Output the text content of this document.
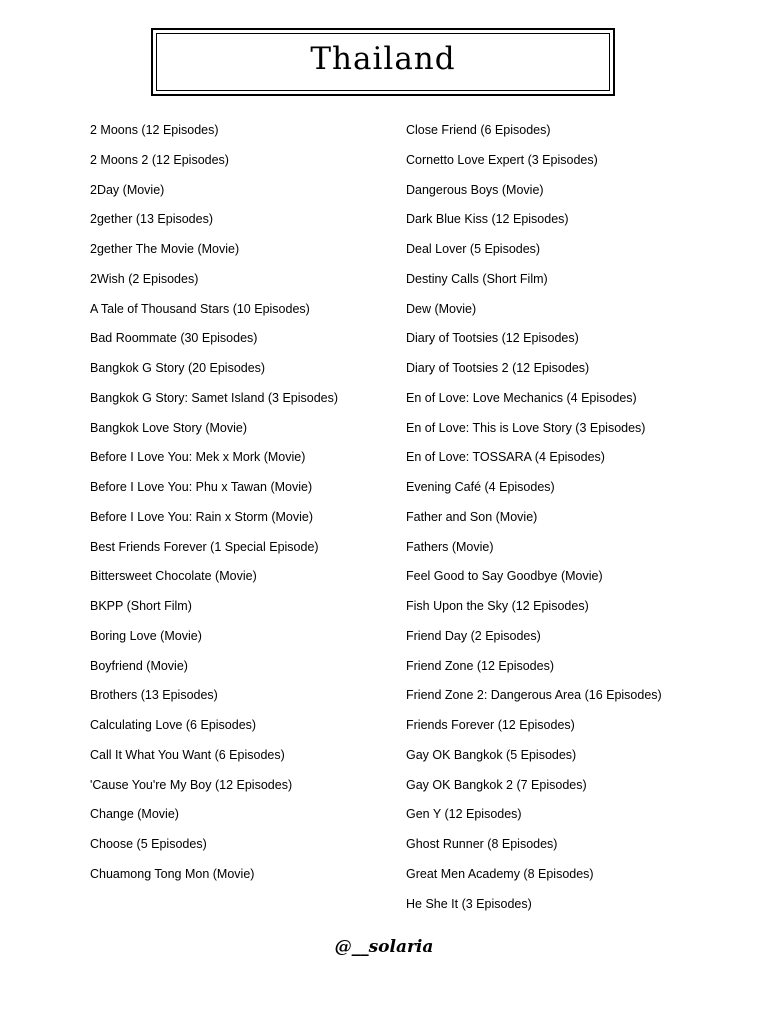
Thailand
2 Moons (12 Episodes)
2 Moons 2 (12 Episodes)
2Day (Movie)
2gether (13 Episodes)
2gether The Movie (Movie)
2Wish (2 Episodes)
A Tale of Thousand Stars (10 Episodes)
Bad Roommate (30 Episodes)
Bangkok G Story (20 Episodes)
Bangkok G Story: Samet Island (3 Episodes)
Bangkok Love Story (Movie)
Before I Love You: Mek x Mork (Movie)
Before I Love You: Phu x Tawan (Movie)
Before I Love You: Rain x Storm (Movie)
Best Friends Forever (1 Special Episode)
Bittersweet Chocolate (Movie)
BKPP (Short Film)
Boring Love (Movie)
Boyfriend (Movie)
Brothers (13 Episodes)
Calculating Love (6 Episodes)
Call It What You Want (6 Episodes)
'Cause You're My Boy (12 Episodes)
Change (Movie)
Choose (5 Episodes)
Chuamong Tong Mon (Movie)
Close Friend (6 Episodes)
Cornetto Love Expert (3 Episodes)
Dangerous Boys (Movie)
Dark Blue Kiss (12 Episodes)
Deal Lover (5 Episodes)
Destiny Calls (Short Film)
Dew (Movie)
Diary of Tootsies (12 Episodes)
Diary of Tootsies 2 (12 Episodes)
En of Love: Love Mechanics (4 Episodes)
En of Love: This is Love Story (3 Episodes)
En of Love: TOSSARA (4 Episodes)
Evening Café (4 Episodes)
Father and Son (Movie)
Fathers (Movie)
Feel Good to Say Goodbye (Movie)
Fish Upon the Sky (12 Episodes)
Friend Day (2 Episodes)
Friend Zone (12 Episodes)
Friend Zone 2: Dangerous Area (16 Episodes)
Friends Forever (12 Episodes)
Gay OK Bangkok (5 Episodes)
Gay OK Bangkok 2 (7 Episodes)
Gen Y (12 Episodes)
Ghost Runner (8 Episodes)
Great Men Academy (8 Episodes)
He She It (3 Episodes)
@__solaria
